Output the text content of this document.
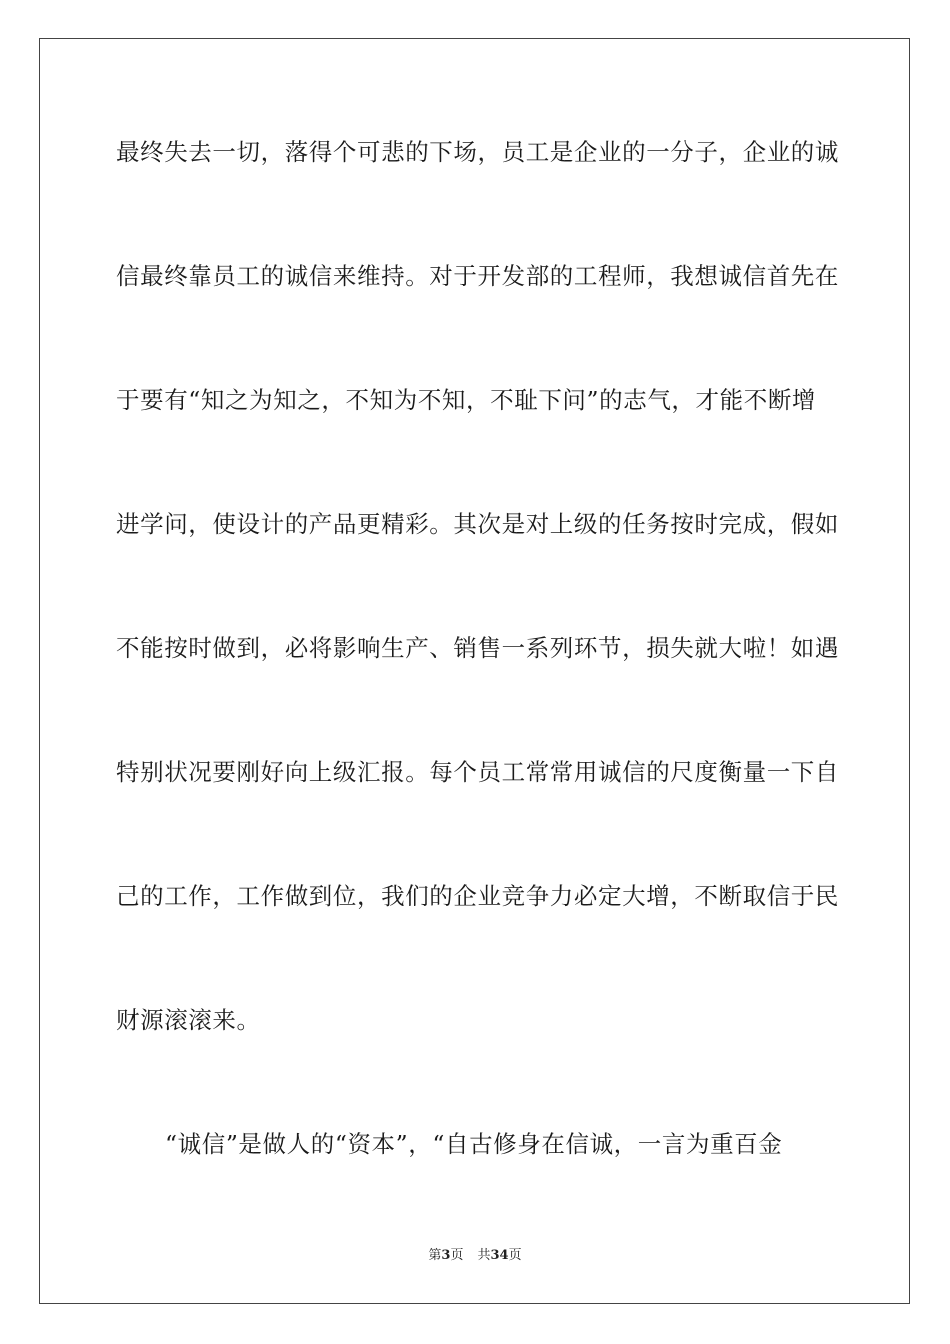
最终失去一切，落得个可悲的下场，员工是企业的一分子，企业的诚
信最终靠员工的诚信来维持。对于开发部的工程师，我想诚信首先在
于要有“知之为知之，不知为不知，不耻下问”的志气，才能不断增
进学问，使设计的产品更精彩。其次是对上级的任务按时完成，假如
不能按时做到，必将影响生产、销售一系列环节，损失就大啦！如遇
特别状况要刚好向上级汇报。每个员工常常用诚信的尺度衡量一下自
己的工作，工作做到位，我们的企业竞争力必定大增，不断取信于民
财源滚滚来。
“诚信”是做人的“资本”，“自古修身在信诚，一言为重百金
第3页 共34页
